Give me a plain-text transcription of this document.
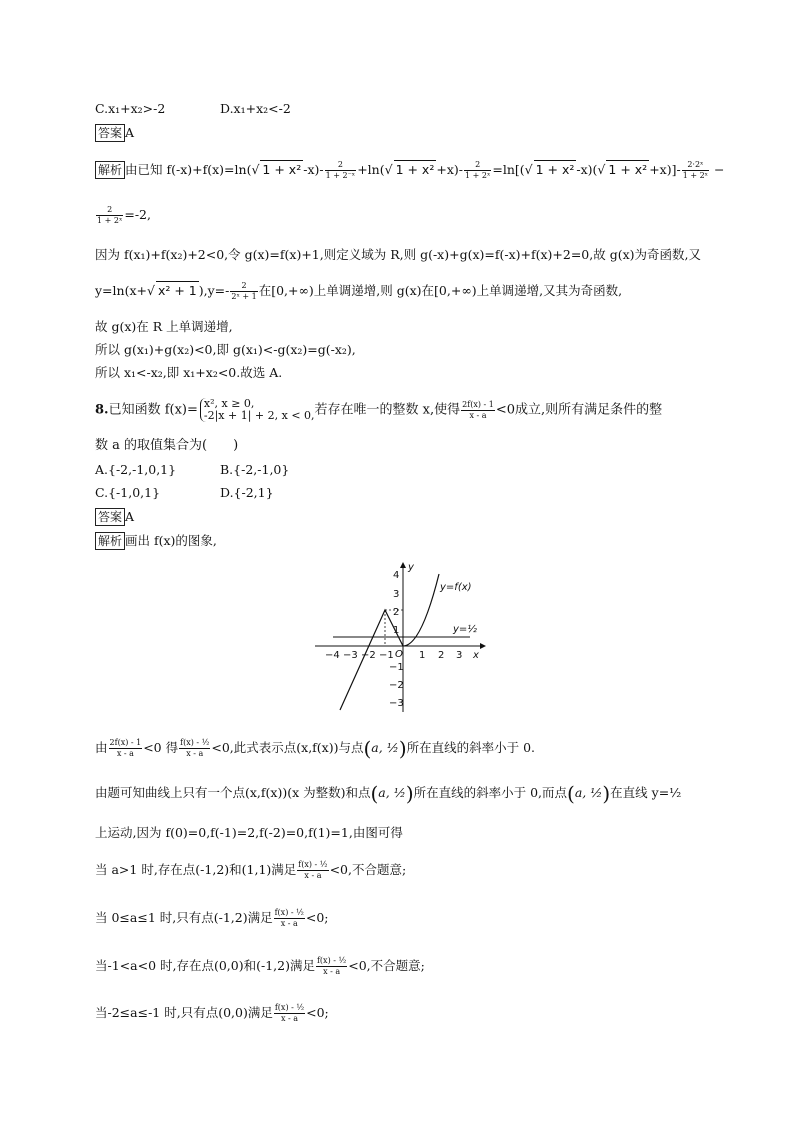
C.x₁+x₂>-2	D.x₁+x₂<-2
答案 A
解析 由已知 f(-x)+f(x)=ln(√ 1 + x² $-x)- \frac{2}{\text{1 + 2⁻ˣ}} +\ln(√$ $1 + x^2 +x)- \frac{2}{\text{1 + 2ˣ}} =\ln[(√$ 1 + x² -x)(√ $1 + x^2 +x)]- \frac{\text{2·2ˣ}}{\text{1 + 2ˣ}}$ −
$\frac{2}{\text{1 + 2ˣ}} =-2$,
因为 f(x₁)+f(x₂)+2<0,令 g(x)=f(x)+1,则定义域为 R,则 g(-x)+g(x)=f(-x)+f(x)+2=0,故 g(x)为奇函数,又
y=ln(x+√ x² + 1 )$,y=- \frac{2}{\text{2ˣ + 1}}$ 在[0,+∞)上单调递增,则 g(x)在[0,+∞)上单调递增,又其为奇函数,
故 g(x)在 R 上单调递增,
所以 g(x₁)+g(x₂)<0,即 g(x₁)<-g(x₂)=g(-x₂),
所以 x₁<-x₂,即 x₁+x₂<0.故选 A.
8.已知函数 f(x)= x², x ≥ 0,
-2|x + 1| + 2, x < 0, 若存在唯一的整数 x,使得 $\frac{2f(x) - 1}{x - a} <0$成立,则所有满足条件的整
数 a 的取值集合为(　　)
A.{-2,-1,0,1}	B.{-2,-1,0}
C.{-1,0,1}	D.{-2,1}
答案 A
解析 画出 f(x)的图象,
y
x
O
−4 −3 −2 −1	1 2 3
4
3
2
1
−1
−2
−3
y=½
y=f(x)
由 $\frac{2f(x) - 1}{x - a} <0$ 得 $\frac{\text{f(x) - ½}}{x - a} <0$,此式表示点(x,f(x))与点(a, ½)所在直线的斜率小于 0.
由题可知曲线上只有一个点(x,f(x))(x 为整数)和点(a, ½)所在直线的斜率小于 0,而点(a, ½)在直线 y=½
上运动,因为 f(0)=0,f(-1)=2,f(-2)=0,f(1)=1,由图可得
当 a>1 时,存在点(-1,2)和(1,1)满足 $\frac{\text{f(x) - ½}}{x - a} <0$,不合题意;
当 0≤a≤1 时,只有点(-1,2)满足 $\frac{\text{f(x) - ½}}{x - a} <0$;
当-1<a<0 时,存在点(0,0)和(-1,2)满足 $\frac{\text{f(x) - ½}}{x - a} <0$,不合题意;
当-2≤a≤-1 时,只有点(0,0)满足 $\frac{\text{f(x) - ½}}{x - a} <0$;
